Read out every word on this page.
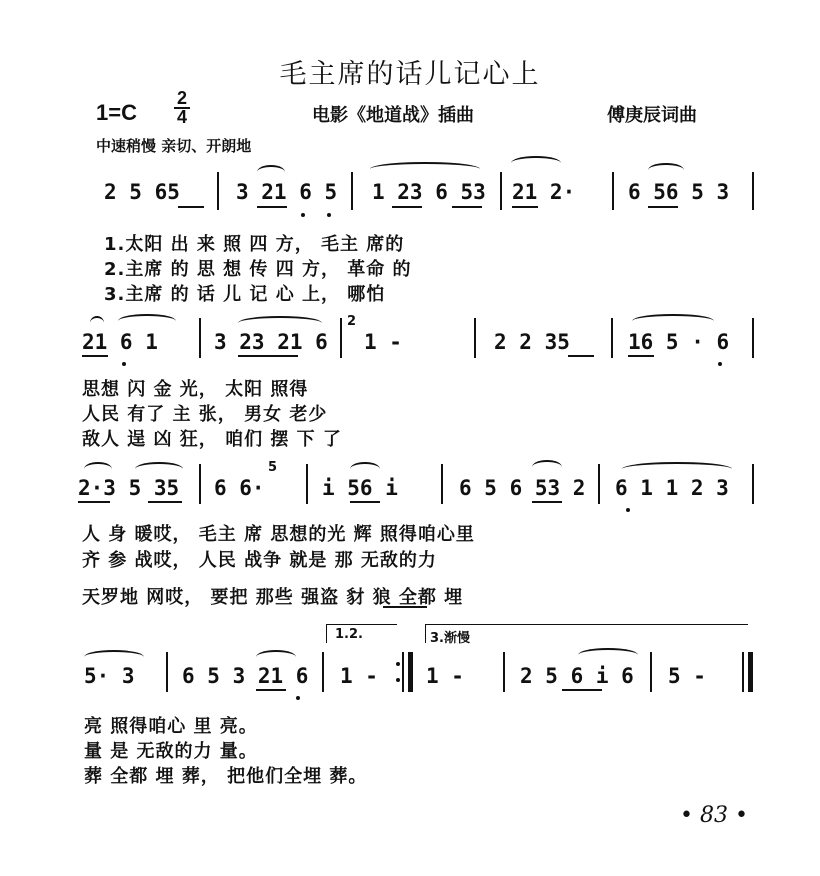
毛主席的话儿记心上
1=C
2
4	电影《地道战》插曲	傅庚辰词曲
中速稍慢 亲切、开朗地
2 5 65	3 21 6 5 1 23 6 53 21 2·	6 56 5 3
1.太阳 出 来 照 四 方， 毛主 席的
2.主席 的 思 想 传 四 方， 革命 的
3.主席 的 话 儿 记 心 上， 哪怕
21 6 1	3 23 21 6
2
1 -	2 2 35	16 5 · 6
思想 闪 金 光， 太阳 照得
人民 有了 主 张， 男女 老少
敌人 逞 凶 狂， 咱们 摆 下 了
2·3 5 35 6 6·
5
i 56 i	6 5 6 53 2 6 1 1 2 3
人 身 暖哎， 毛主 席 思想的光 辉 照得咱心里
齐 参 战哎， 人民 战争 就是 那 无敌的力
天罗地 网哎， 要把 那些 强盗 豺 狼 全都 埋
1.2.	3.渐慢
5· 3 6 5 3 21 6 1 - 1 -	2 5 6 i 6 5 -
亮 照得咱心 里 亮。
量 是 无敌的力 量。
葬 全都 埋 葬， 把他们全埋 葬。
• 83 •
